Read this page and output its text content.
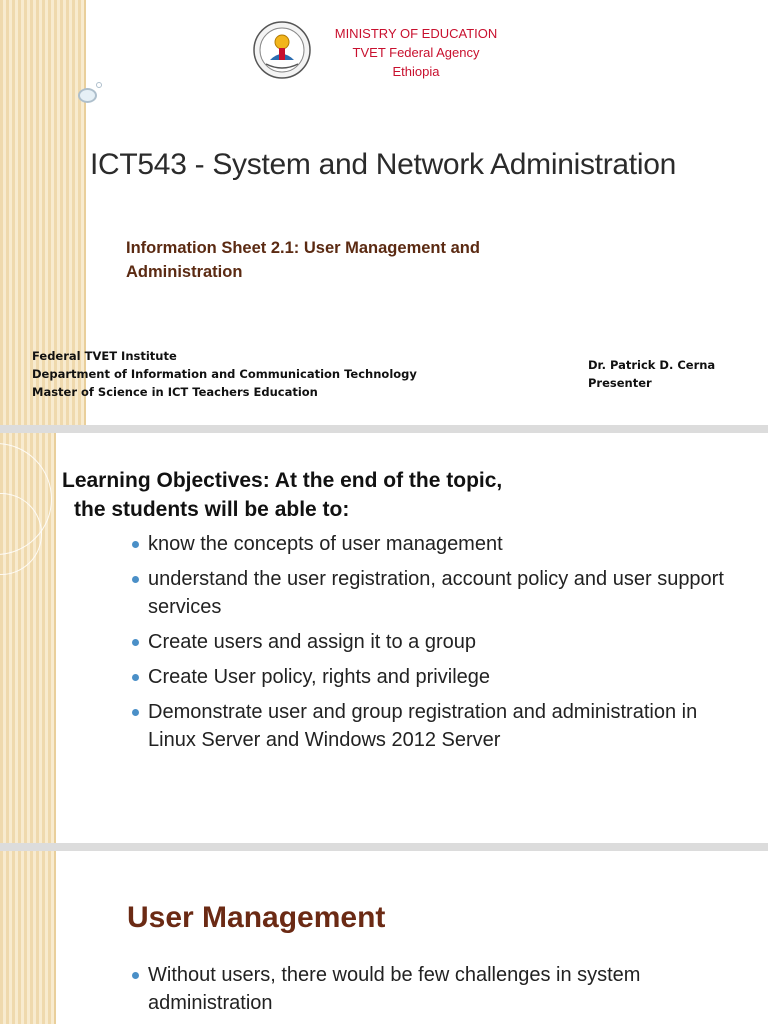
MINISTRY OF EDUCATION
TVET Federal Agency
Ethiopia
ICT543 - System and Network Administration
Information Sheet 2.1: User Management and
Administration
Federal TVET Institute
Department of Information and Communication Technology
Master of Science in ICT Teachers Education
Dr. Patrick D. Cerna
Presenter
Learning Objectives: At the end of the topic,
the students will be able to:
know the concepts of user management
understand the user registration, account policy and user support services
Create users and assign it to a group
Create User policy, rights and privilege
Demonstrate user and group registration and administration in Linux Server and Windows 2012 Server
User Management
Without users, there would be few challenges in system administration
